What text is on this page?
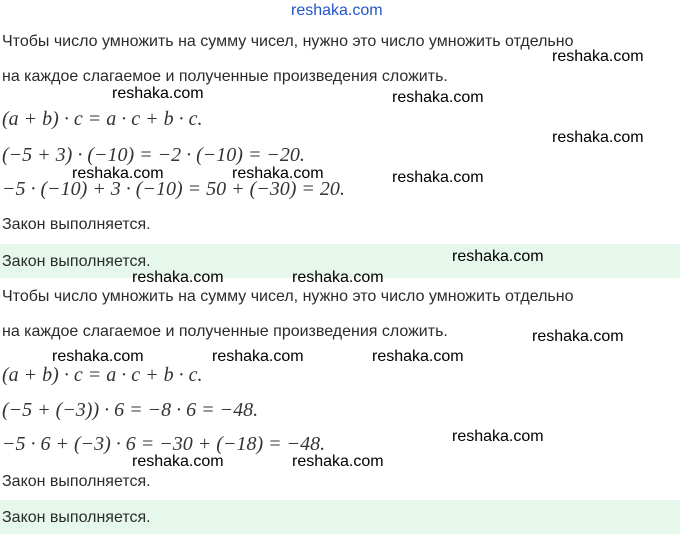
reshaka.com
Чтобы число умножить на сумму чисел, нужно это число умножить отдельно
на каждое слагаемое и полученные произведения сложить.
(a + b) · c = a · c + b · c.
(−5 + 3) · (−10) = −2 · (−10) = −20.
−5 · (−10) + 3 · (−10) = 50 + (−30) = 20.
Закон выполняется.
Закон выполняется.
Чтобы число умножить на сумму чисел, нужно это число умножить отдельно
на каждое слагаемое и полученные произведения сложить.
(a + b) · c = a · c + b · c.
(−5 + (−3)) · 6 = −8 · 6 = −48.
−5 · 6 + (−3) · 6 = −30 + (−18) = −48.
Закон выполняется.
Закон выполняется.
reshaka.com
reshaka.com	reshaka.com
reshaka.com
reshaka.com	reshaka.com	reshaka.com
reshaka.com
reshaka.com	reshaka.com
reshaka.com
reshaka.com	reshaka.com	reshaka.com
reshaka.com
reshaka.com	reshaka.com
